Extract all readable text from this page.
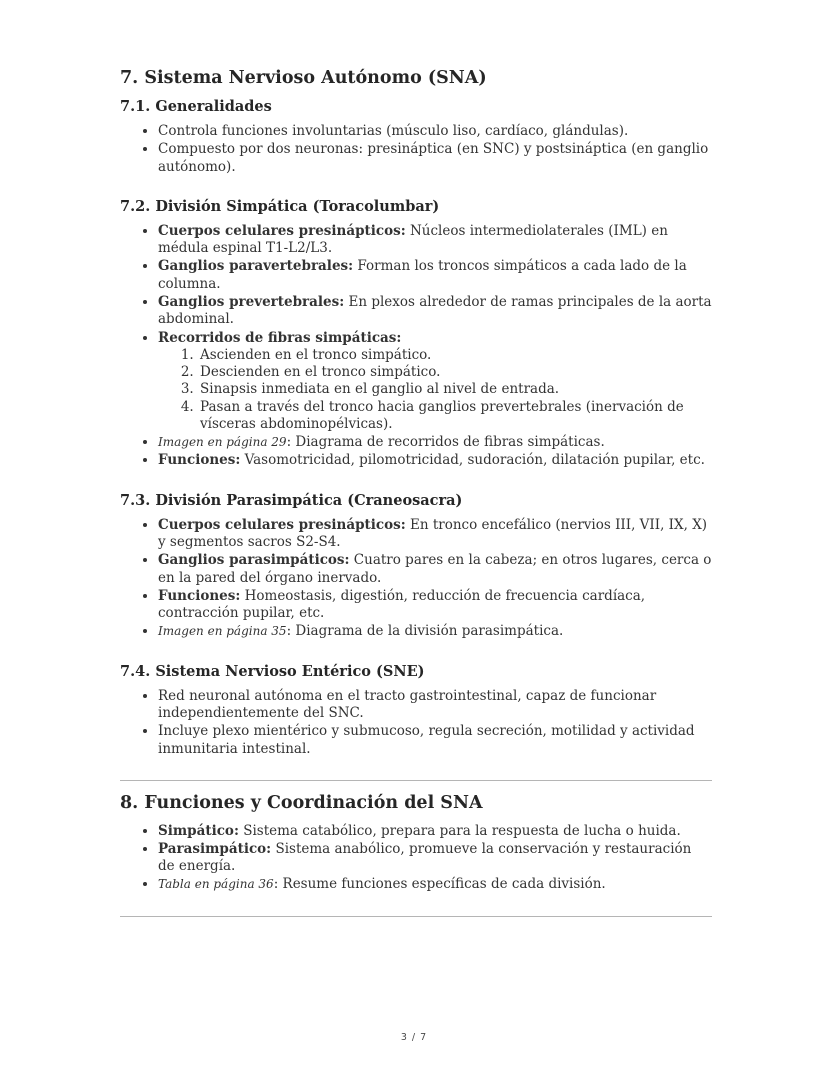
7. Sistema Nervioso Autónomo (SNA)
7.1. Generalidades
• Controla funciones involuntarias (músculo liso, cardíaco, glándulas).
• Compuesto por dos neuronas: presináptica (en SNC) y postsináptica (en ganglio autónomo).
7.2. División Simpática (Toracolumbar)
• Cuerpos celulares presinápticos: Núcleos intermediolaterales (IML) en médula espinal T1-L2/L3.
• Ganglios paravertebrales: Forman los troncos simpáticos a cada lado de la columna.
• Ganglios prevertebrales: En plexos alrededor de ramas principales de la aorta abdominal.
• Recorridos de fibras simpáticas:
1. Ascienden en el tronco simpático.
2. Descienden en el tronco simpático.
3. Sinapsis inmediata en el ganglio al nivel de entrada.
4. Pasan a través del tronco hacia ganglios prevertebrales (inervación de vísceras abdominopélvicas).
• Imagen en página 29: Diagrama de recorridos de fibras simpáticas.
• Funciones: Vasomotricidad, pilomotricidad, sudoración, dilatación pupilar, etc.
7.3. División Parasimpática (Craneosacra)
• Cuerpos celulares presinápticos: En tronco encefálico (nervios III, VII, IX, X) y segmentos sacros S2-S4.
• Ganglios parasimpáticos: Cuatro pares en la cabeza; en otros lugares, cerca o en la pared del órgano inervado.
• Funciones: Homeostasis, digestión, reducción de frecuencia cardíaca, contracción pupilar, etc.
• Imagen en página 35: Diagrama de la división parasimpática.
7.4. Sistema Nervioso Entérico (SNE)
• Red neuronal autónoma en el tracto gastrointestinal, capaz de funcionar independientemente del SNC.
• Incluye plexo mientérico y submucoso, regula secreción, motilidad y actividad inmunitaria intestinal.
8. Funciones y Coordinación del SNA
• Simpático: Sistema catabólico, prepara para la respuesta de lucha o huida.
• Parasimpático: Sistema anabólico, promueve la conservación y restauración de energía.
• Tabla en página 36: Resume funciones específicas de cada división.
3 / 7
